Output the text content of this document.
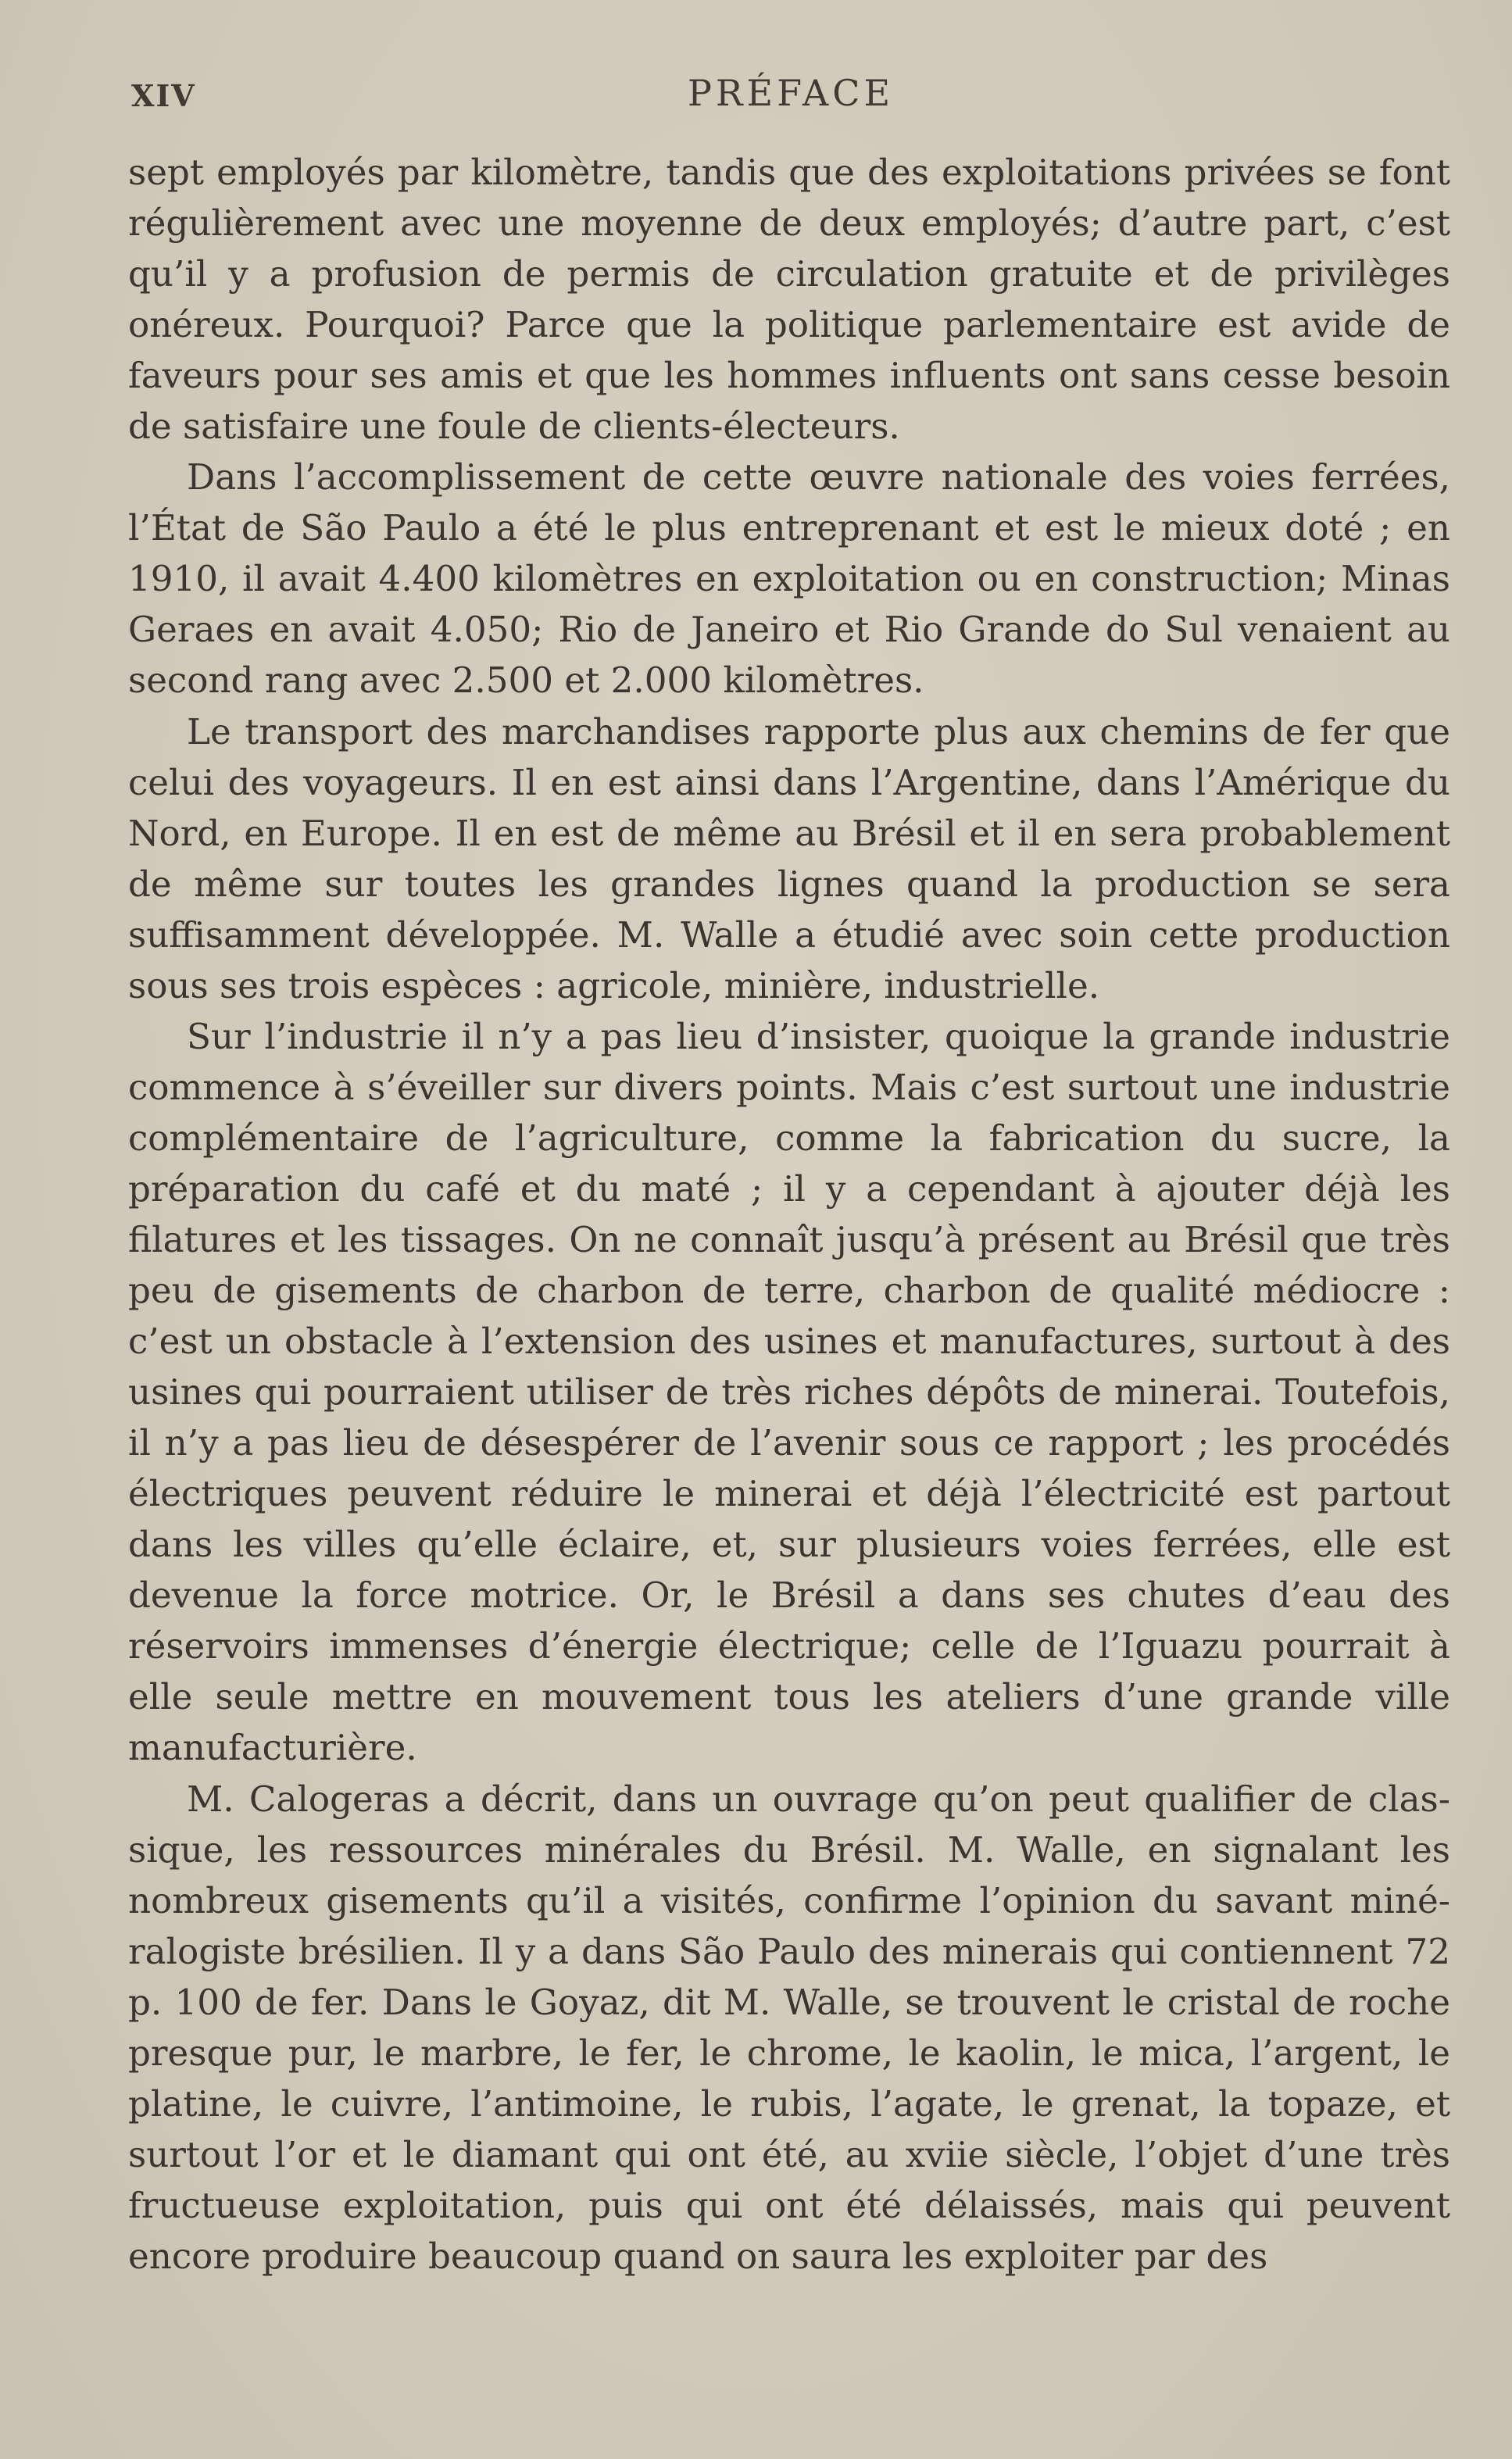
XIV	PRÉFACE

sept employés par kilomètre, tandis que des exploitations privées se font régulièrement avec une moyenne de deux employés; d’autre part, c’est qu’il y a profusion de permis de circulation gratuite et de privilèges onéreux. Pourquoi? Parce que la politique parlementaire est avide de faveurs pour ses amis et que les hommes influents ont sans cesse besoin de satisfaire une foule de clients-électeurs.

Dans l’accomplissement de cette œuvre nationale des voies ferrées, l’État de São Paulo a été le plus entreprenant et est le mieux doté ; en 1910, il avait 4.400 kilomètres en exploitation ou en construction; Minas Geraes en avait 4.050; Rio de Janeiro et Rio Grande do Sul venaient au second rang avec 2.500 et 2.000 kilomètres.

Le transport des marchandises rapporte plus aux chemins de fer que celui des voyageurs. Il en est ainsi dans l’Argentine, dans l’Amérique du Nord, en Europe. Il en est de même au Brésil et il en sera probablement de même sur toutes les grandes lignes quand la production se sera suffisamment développée. M. Walle a étudié avec soin cette production sous ses trois espèces : agricole, minière, industrielle.

Sur l’industrie il n’y a pas lieu d’insister, quoique la grande industrie commence à s’éveiller sur divers points. Mais c’est surtout une industrie complémentaire de l’agriculture, comme la fabrication du sucre, la préparation du café et du maté ; il y a cependant à ajouter déjà les filatures et les tissages. On ne connaît jusqu’à présent au Brésil que très peu de gisements de charbon de terre, charbon de qualité médiocre : c’est un obstacle à l’extension des usines et manufactures, surtout à des usines qui pourraient utiliser de très riches dépôts de minerai. Toutefois, il n’y a pas lieu de désespérer de l’avenir sous ce rapport ; les procédés électriques peuvent réduire le minerai et déjà l’électricité est partout dans les villes qu’elle éclaire, et, sur plusieurs voies ferrées, elle est devenue la force motrice. Or, le Brésil a dans ses chutes d’eau des réservoirs immenses d’énergie électrique; celle de l’Iguazu pourrait à elle seule mettre en mouvement tous les ateliers d’une grande ville manufacturière.

M. Calogeras a décrit, dans un ouvrage qu’on peut qualifier de classique, les ressources minérales du Brésil. M. Walle, en signalant les nombreux gisements qu’il a visités, confirme l’opinion du savant minéralogiste brésilien. Il y a dans São Paulo des minerais qui contiennent 72 p. 100 de fer. Dans le Goyaz, dit M. Walle, se trouvent le cristal de roche presque pur, le marbre, le fer, le chrome, le kaolin, le mica, l’argent, le platine, le cuivre, l’antimoine, le rubis, l’agate, le grenat, la topaze, et surtout l’or et le diamant qui ont été, au xviie siècle, l’objet d’une très fructueuse exploitation, puis qui ont été délaissés, mais qui peuvent encore produire beaucoup quand on saura les exploiter par des
